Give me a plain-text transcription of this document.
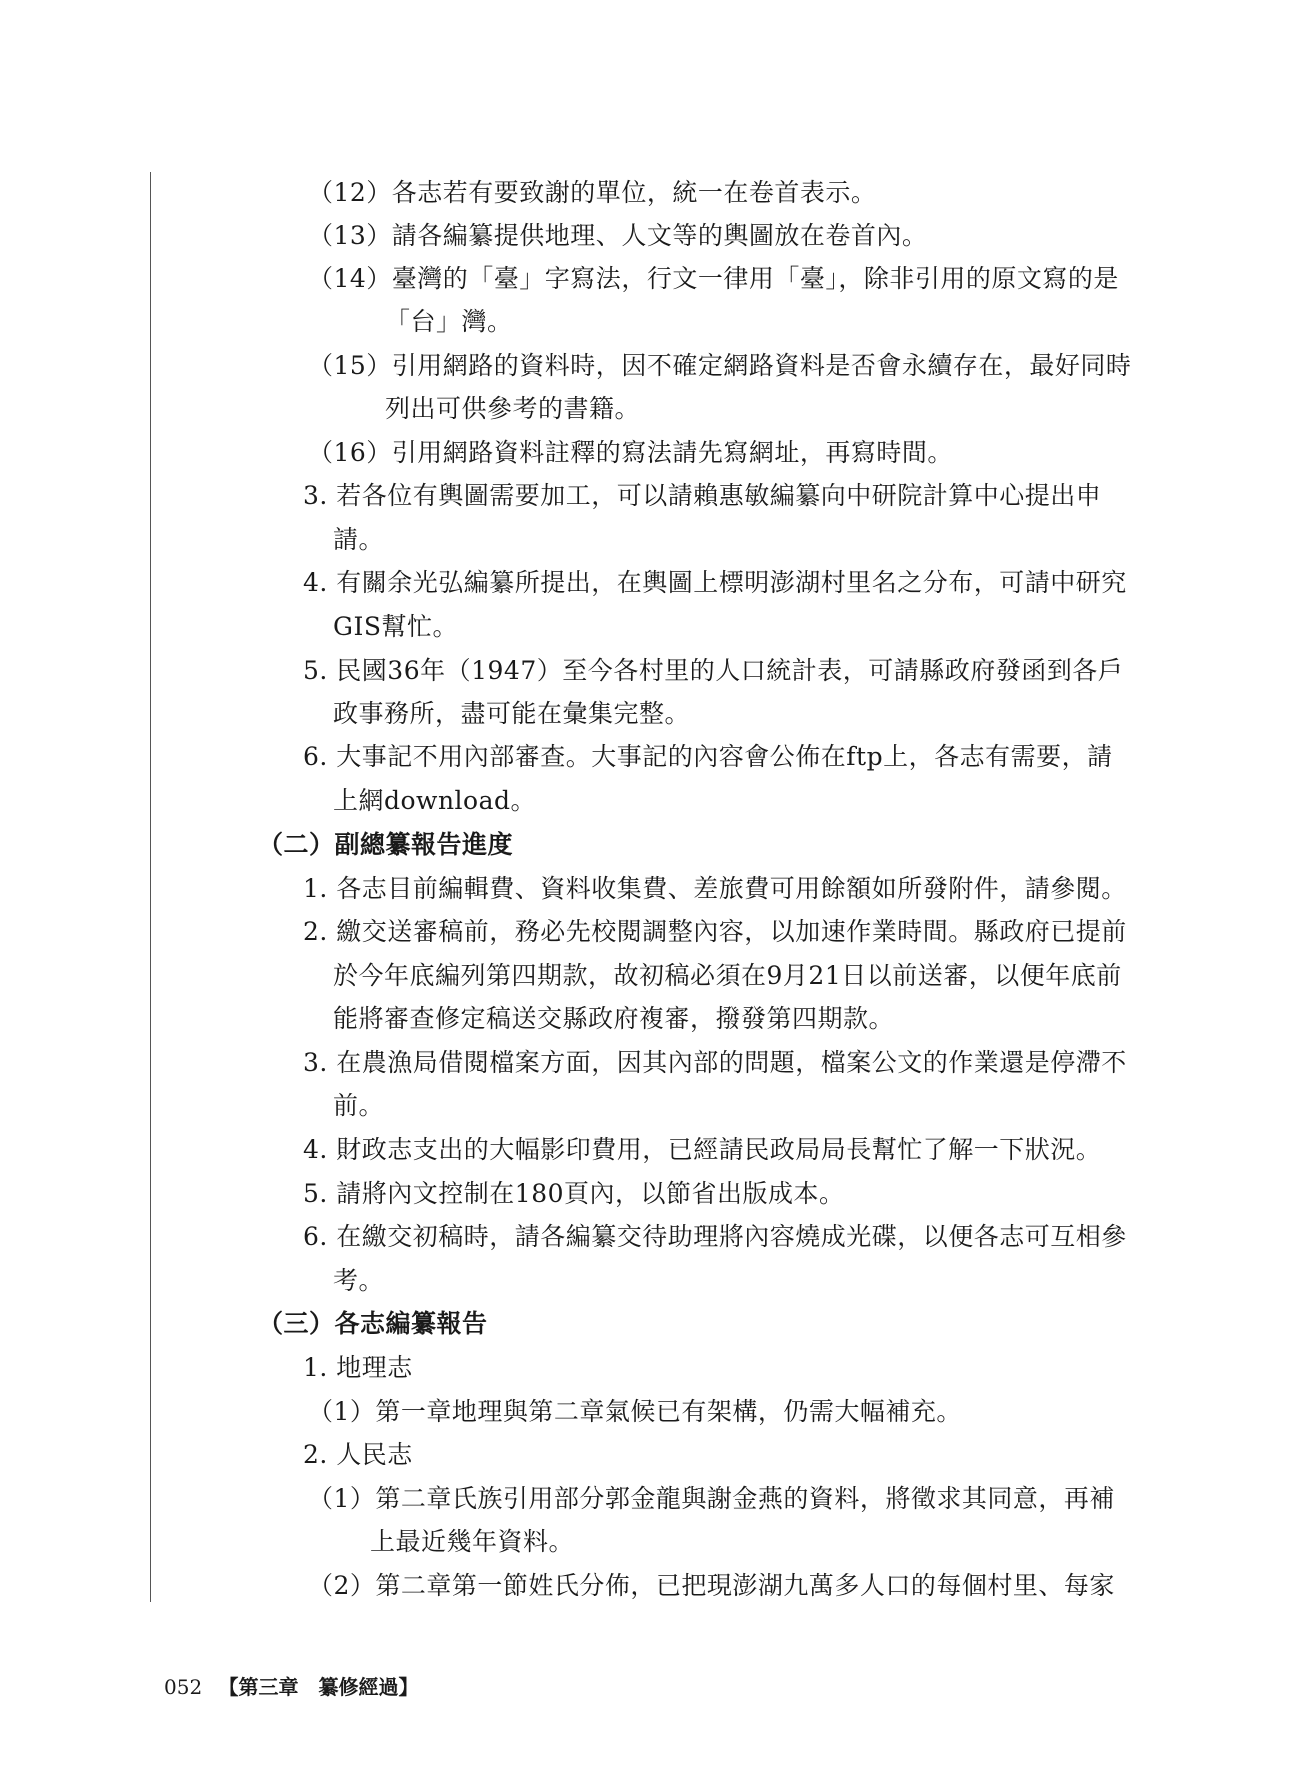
（12）各志若有要致謝的單位，統一在卷首表示。
（13）請各編纂提供地理、人文等的輿圖放在卷首內。
（14）臺灣的「臺」字寫法，行文一律用「臺」，除非引用的原文寫的是
「台」灣。
（15）引用網路的資料時，因不確定網路資料是否會永續存在，最好同時
列出可供參考的書籍。
（16）引用網路資料註釋的寫法請先寫網址，再寫時間。
3. 若各位有輿圖需要加工，可以請賴惠敏編纂向中研院計算中心提出申
請。
4. 有關余光弘編纂所提出，在輿圖上標明澎湖村里名之分布，可請中研究
GIS幫忙。
5. 民國36年（1947）至今各村里的人口統計表，可請縣政府發函到各戶
政事務所，盡可能在彙集完整。
6. 大事記不用內部審查。大事記的內容會公佈在ftp上，各志有需要，請
上網download。
（二）副總纂報告進度
1. 各志目前編輯費、資料收集費、差旅費可用餘額如所發附件，請參閱。
2. 繳交送審稿前，務必先校閱調整內容，以加速作業時間。縣政府已提前
於今年底編列第四期款，故初稿必須在9月21日以前送審，以便年底前
能將審查修定稿送交縣政府複審，撥發第四期款。
3. 在農漁局借閱檔案方面，因其內部的問題，檔案公文的作業還是停滯不
前。
4. 財政志支出的大幅影印費用，已經請民政局局長幫忙了解一下狀況。
5. 請將內文控制在180頁內，以節省出版成本。
6. 在繳交初稿時，請各編纂交待助理將內容燒成光碟，以便各志可互相參
考。
（三）各志編纂報告
1. 地理志
（1）第一章地理與第二章氣候已有架構，仍需大幅補充。
2. 人民志
（1）第二章氏族引用部分郭金龍與謝金燕的資料，將徵求其同意，再補
上最近幾年資料。
（2）第二章第一節姓氏分佈，已把現澎湖九萬多人口的每個村里、每家
052 【第三章　纂修經過】
